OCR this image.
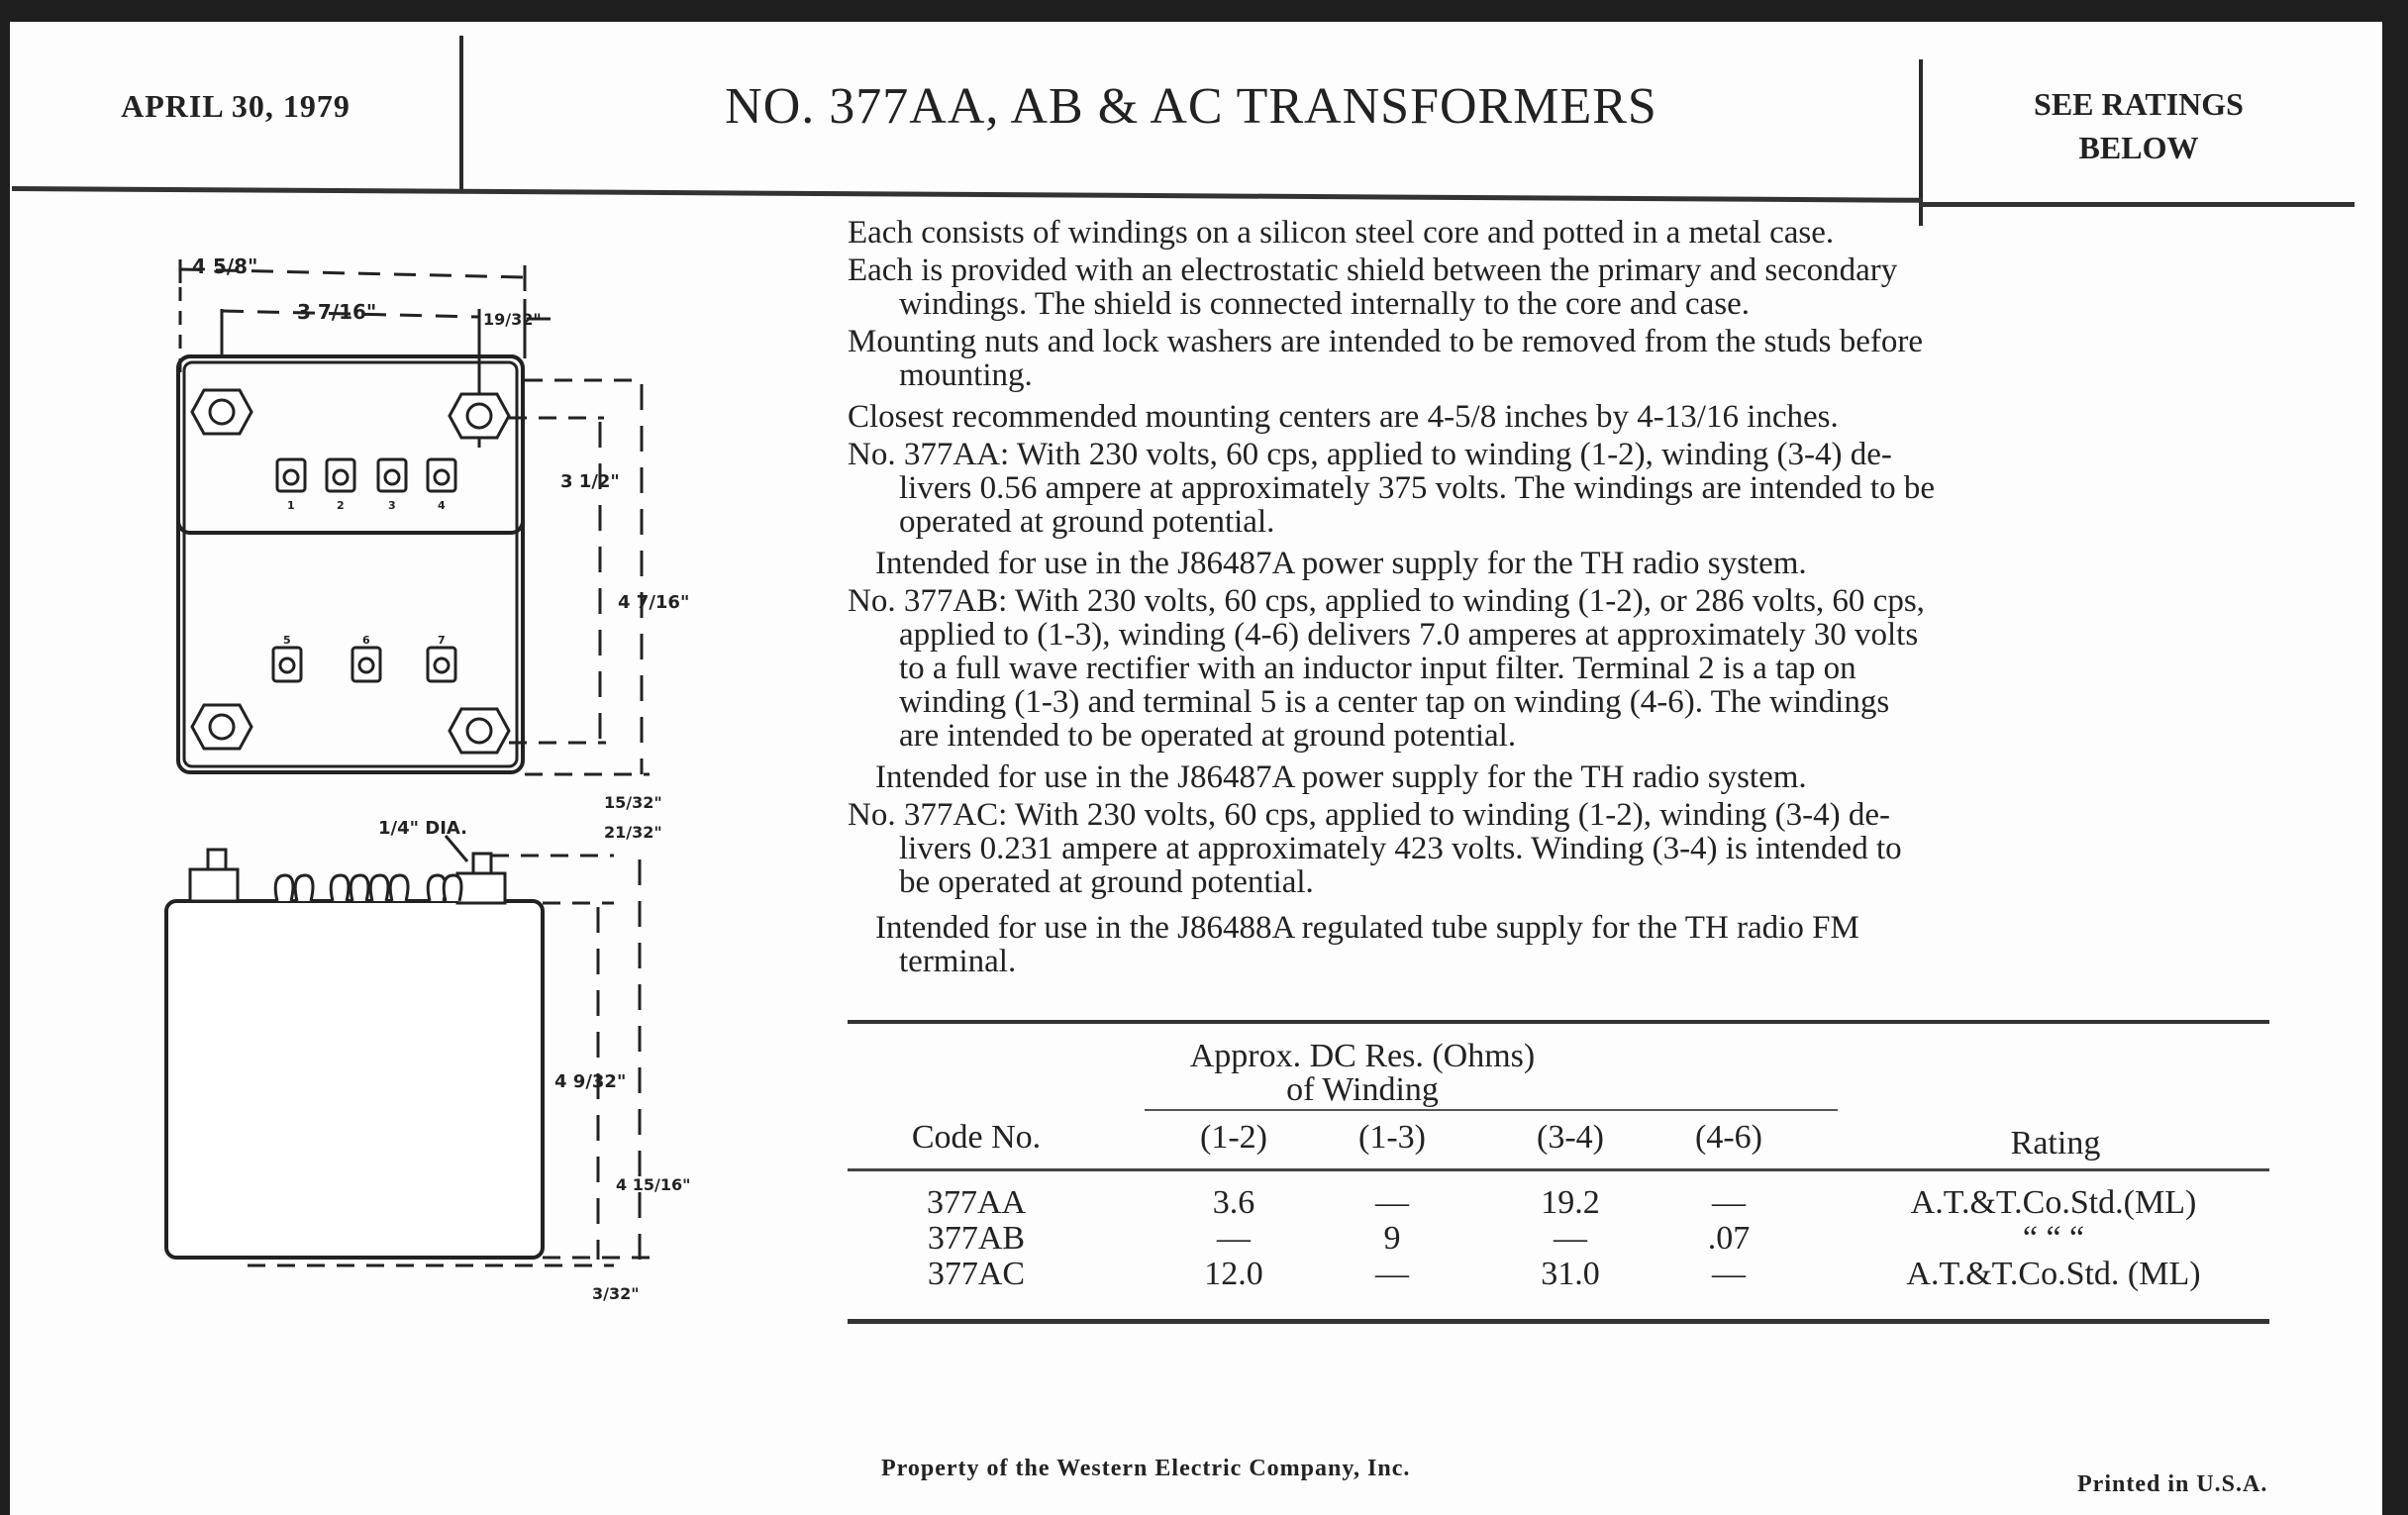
APRIL 30, 1979	NO. 377AA, AB & AC TRANSFORMERS	SEE RATINGS
BELOW
1	2	3	4
5	6	7
4 5/8"
3 7/16"	19/32"
3 1/2"
4 7/16"
15/32"
1/4" DIA.	21/32"
4 9/32"
4 15/16"
3/32"
Each consists of windings on a silicon steel core and potted in a metal case.
Each is provided with an electrostatic shield between the primary and secondary
windings. The shield is connected internally to the core and case.
Mounting nuts and lock washers are intended to be removed from the studs before
mounting.
Closest recommended mounting centers are 4-5/8 inches by 4-13/16 inches.
No. 377AA: With 230 volts, 60 cps, applied to winding (1-2), winding (3-4) de-
livers 0.56 ampere at approximately 375 volts. The windings are intended to be
operated at ground potential.
Intended for use in the J86487A power supply for the TH radio system.
No. 377AB: With 230 volts, 60 cps, applied to winding (1-2), or 286 volts, 60 cps,
applied to (1-3), winding (4-6) delivers 7.0 amperes at approximately 30 volts
to a full wave rectifier with an inductor input filter. Terminal 2 is a tap on
winding (1-3) and terminal 5 is a center tap on winding (4-6). The windings
are intended to be operated at ground potential.
Intended for use in the J86487A power supply for the TH radio system.
No. 377AC: With 230 volts, 60 cps, applied to winding (1-2), winding (3-4) de-
livers 0.231 ampere at approximately 423 volts. Winding (3-4) is intended to
be operated at ground potential.
Intended for use in the J86488A regulated tube supply for the TH radio FM
terminal.
Approx. DC Res. (Ohms)
of Winding
Code No.	(1-2)	(1-3)	(3-4)	(4-6)	Rating
377AA	3.6	—	19.2	—	A.T.&T.Co.Std.(ML)
377AB	—	9	—	.07	“ “ “
377AC	12.0	—	31.0	—	A.T.&T.Co.Std. (ML)
Property of the Western Electric Company, Inc.
Printed in U.S.A.
